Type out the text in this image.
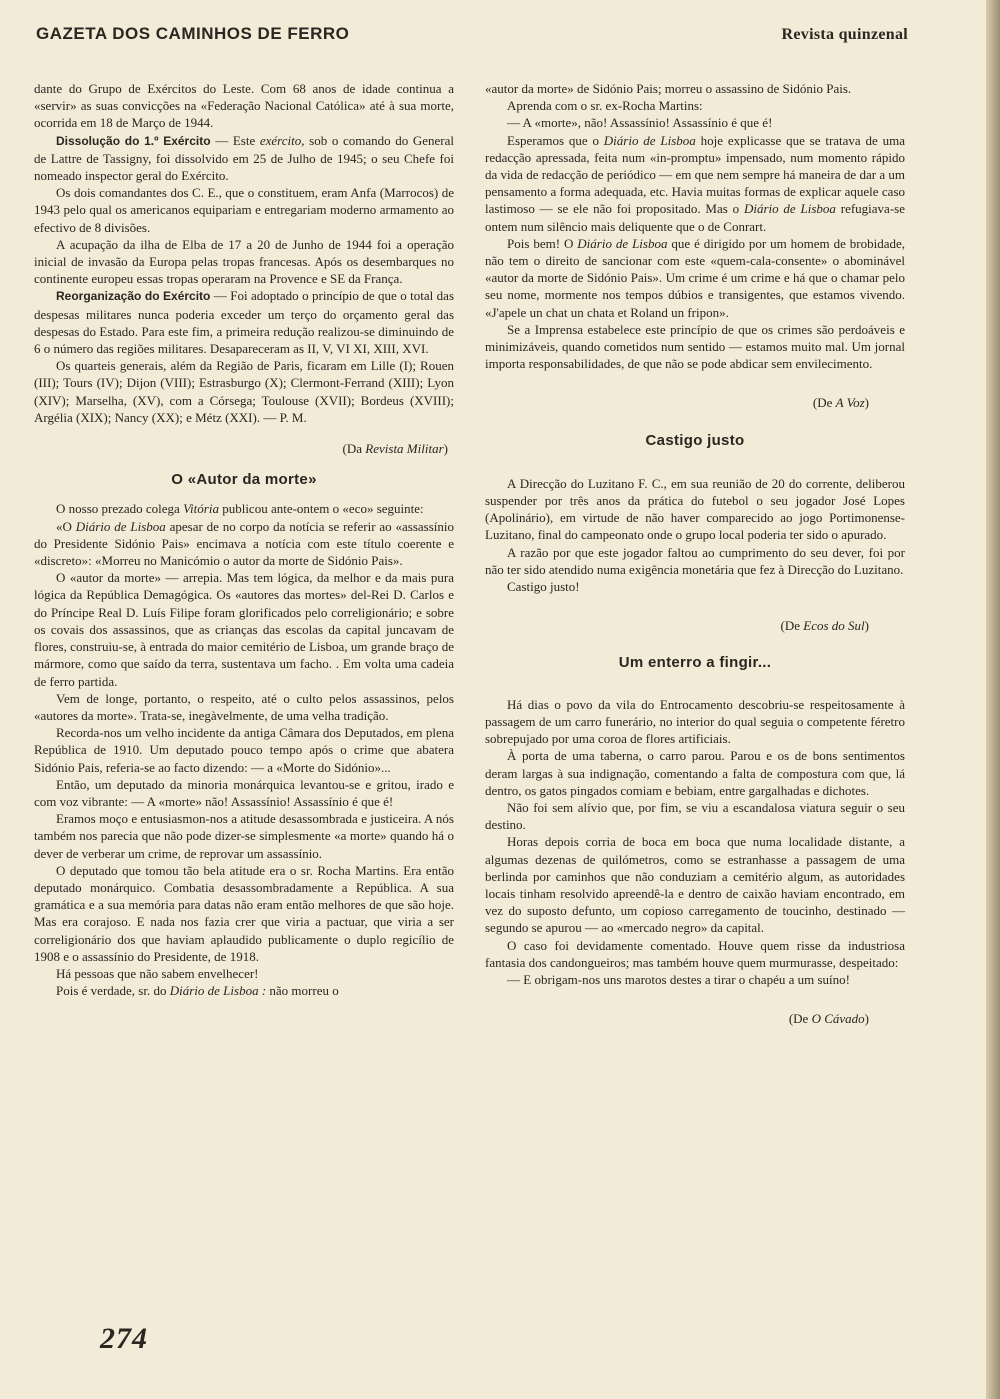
GAZETA DOS CAMINHOS DE FERRO	Revista quinzenal

dante do Grupo de Exércitos do Leste. Com 68 anos de idade continua a «servir» as suas convicções na «Federação Nacional Católica» até à sua morte, ocorrida em 18 de Março de 1944.

Dissolução do 1.º Exército — Este exército, sob o comando do General de Lattre de Tassigny, foi dissolvido em 25 de Julho de 1945; o seu Chefe foi nomeado inspector geral do Exército.

Os dois comandantes dos C. E., que o constituem, eram Anfa (Marrocos) de 1943 pelo qual os americanos equipariam e entregariam moderno armamento ao efectivo de 8 divisões.

A acupação da ilha de Elba de 17 a 20 de Junho de 1944 foi a operação inicial de invasão da Europa pelas tropas francesas. Após os desembarques no continente europeu essas tropas operaram na Provence e SE da França.

Reorganização do Exército — Foi adoptado o princípio de que o total das despesas militares nunca poderia exceder um terço do orçamento geral das despesas do Estado. Para este fim, a primeira redução realizou-se diminuindo de 6 o número das regiões militares. Desapareceram as II, V, VI XI, XIII, XVI.

Os quarteis generais, além da Região de Paris, ficaram em Lille (I); Rouen (III); Tours (IV); Dijon (VIII); Estrasburgo (X); Clermont-Ferrand (XIII); Lyon (XIV); Marselha, (XV), com a Córsega; Toulouse (XVII); Bordeus (XVIII); Argélia (XIX); Nancy (XX); e Métz (XXI). — P. M.

(Da Revista Militar)

O «Autor da morte»

O nosso prezado colega Vitória publicou ante-ontem o «eco» seguinte:

«O Diário de Lisboa apesar de no corpo da notícia se referir ao «assassínio do Presidente Sidónio Pais» encimava a notícia com este título coerente e «discreto»: «Morreu no Manicómio o autor da morte de Sidónio Pais».

O «autor da morte» — arrepia. Mas tem lógica, da melhor e da mais pura lógica da República Demagógica. Os «autores das mortes» del-Rei D. Carlos e do Príncipe Real D. Luís Filipe foram glorificados pelo correligionário; e sobre os covais dos assassinos, que as crianças das escolas da capital juncavam de flores, construiu-se, à entrada do maior cemitério de Lisboa, um grande braço de mármore, como que saído da terra, sustentava um facho. . Em volta uma cadeia de ferro partida.

Vem de longe, portanto, o respeito, até o culto pelos assassinos, pelos «autores da morte». Trata-se, inegàvelmente, de uma velha tradição.

Recorda-nos um velho incidente da antiga Câmara dos Deputados, em plena República de 1910. Um deputado pouco tempo após o crime que abatera Sidónio Pais, referia-se ao facto dizendo: — a «Morte do Sidónio»...

Então, um deputado da minoria monárquica levantou-se e gritou, irado e com voz vibrante: — A «morte» não! Assassínio! Assassínio é que é!

Eramos moço e entusiasmon-nos a atitude desassombrada e justiceira. A nós também nos parecia que não pode dizer-se simplesmente «a morte» quando há o dever de verberar um crime, de reprovar um assassínio.

O deputado que tomou tão bela atitude era o sr. Rocha Martins. Era então deputado monárquico. Combatia desassombradamente a República. A sua gramática e a sua memória para datas não eram então melhores de que são hoje. Mas era corajoso. E nada nos fazia crer que viria a pactuar, que viria a ser correligionário dos que haviam aplaudido publicamente o duplo regicílio de 1908 e o assassínio do Presidente, de 1918.

Há pessoas que não sabem envelhecer!

Pois é verdade, sr. do Diário de Lisboa : não morreu o

«autor da morte» de Sidónio Pais; morreu o assassino de Sidónio Pais.

Aprenda com o sr. ex-Rocha Martins:

— A «morte», não! Assassínio! Assassínio é que é!

Esperamos que o Diário de Lisboa hoje explicasse que se tratava de uma redacção apressada, feita num «in-promptu» impensado, num momento rápido da vida de redacção de periódico — em que nem sempre há maneira de dar a um pensamento a forma adequada, etc. Havia muitas formas de explicar aquele caso lastimoso — se ele não foi propositado. Mas o Diário de Lisboa refugiava-se ontem num silêncio mais deliquente que o de Conrart.

Pois bem! O Diário de Lisboa que é dirigido por um homem de brobidade, não tem o direito de sancionar com este «quem-cala-consente» o abominável «autor da morte de Sidónio Pais». Um crime é um crime e há que o chamar pelo seu nome, mormente nos tempos dúbios e transigentes, que estamos vivendo. «J'apele un chat un chata et Roland un fripon».

Se a Imprensa estabelece este princípio de que os crimes são perdoáveis e minimizáveis, quando cometidos num sentido — estamos muito mal. Um jornal importa responsabilidades, de que não se pode abdicar sem envilecimento.

(De A Voz)

Castigo justo

A Direcção do Luzitano F. C., em sua reunião de 20 do corrente, deliberou suspender por três anos da prática do futebol o seu jogador José Lopes (Apolinário), em virtude de não haver comparecido ao jogo Portimonense-Luzitano, final do campeonato onde o grupo local poderia ter sido o apurado.

A razão por que este jogador faltou ao cumprimento do seu dever, foi por não ter sido atendido numa exigência monetária que fez à Direcção do Luzitano.

Castigo justo!

(De Ecos do Sul)

Um enterro a fingir...

Há dias o povo da vila do Entrocamento descobriu-se respeitosamente à passagem de um carro funerário, no interior do qual seguia o competente féretro sobrepujado por uma coroa de flores artificiais.

À porta de uma taberna, o carro parou. Parou e os de bons sentimentos deram largas à sua indignação, comentando a falta de compostura com que, lá dentro, os gatos pingados comiam e bebiam, entre gargalhadas e dichotes.

Não foi sem alívio que, por fim, se viu a escandalosa viatura seguir o seu destino.

Horas depois corria de boca em boca que numa localidade distante, a algumas dezenas de quilómetros, como se estranhasse a passagem de uma berlinda por caminhos que não conduziam a cemitério algum, as autoridades locais tinham resolvido apreendê-la e dentro de caixão haviam encontrado, em vez do suposto defunto, um copioso carregamento de toucinho, destinado — segundo se apurou — ao «mercado negro» da capital.

O caso foi devidamente comentado. Houve quem risse da industriosa fantasia dos candongueiros; mas também houve quem murmurasse, despeitado:

— E obrigam-nos uns marotos destes a tirar o chapéu a um suíno!

(De O Cávado)

274
